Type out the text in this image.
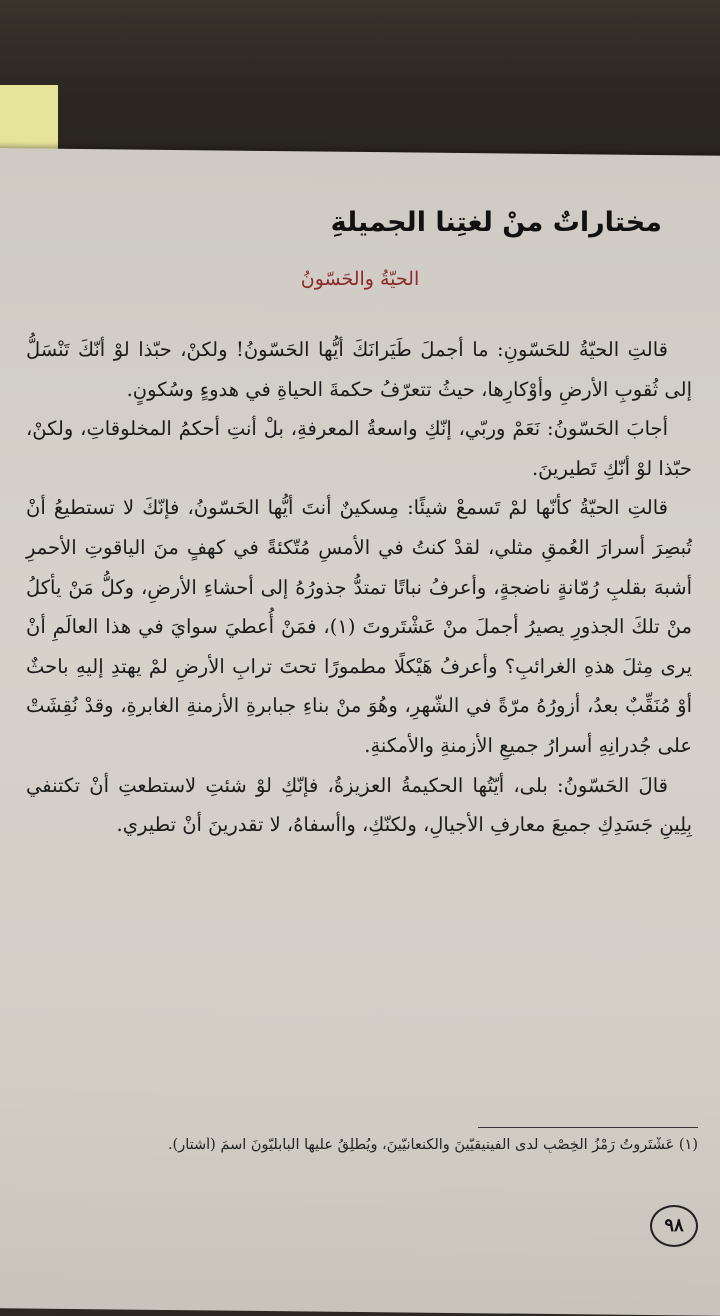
مختاراتٌ منْ لغتِنا الجميلةِ
الحيّةُ والحَسّونُ

قالتِ الحيّةُ للحَسّونِ: ما أجملَ طَيَرانَكَ أيُّها الحَسّونُ! ولكنْ، حبّذا لوْ أنّكَ تَنْسَلُّ إلى ثُقوبِ الأرضِ وأوْكارِها، حيثُ تتعرّفُ حكمةَ الحياةِ في هدوءٍ وسُكونٍ.

أجابَ الحَسّونُ: نَعَمْ وربّي، إنّكِ واسعةُ المعرفةِ، بلْ أنتِ أحكمُ المخلوقاتِ، ولكنْ، حبّذا لوْ أنّكِ تَطيرينَ.

قالتِ الحيّةُ كأنّها لمْ تَسمعْ شيئًا: مِسكينٌ أنتَ أيُّها الحَسّونُ، فإنّكَ لا تستطيعُ أنْ تُبصِرَ أسرارَ العُمقِ مثلي، لقدْ كنتُ في الأمسِ مُتّكئةً في كهفٍ منَ الياقوتِ الأحمرِ أشبهَ بقلبِ رُمّانةٍ ناضجةٍ، وأعرفُ نباتًا تمتدُّ جذورُهُ إلى أحشاءِ الأرضِ، وكلُّ مَنْ يأكلُ منْ تلكَ الجذورِ يصيرُ أجملَ منْ عَشْتَروتَ (١)، فمَنْ أُعطيَ سوايَ في هذا العالَمِ أنْ يرى مِثلَ هذهِ الغرائبِ؟ وأعرفُ هَيْكلًا مطمورًا تحتَ ترابِ الأرضِ لمْ يهتدِ إليهِ باحثٌ أوْ مُنَقِّبٌ بعدُ، أزورُهُ مرّةً في الشّهرِ، وهُوَ منْ بناءِ جبابرةِ الأزمنةِ الغابرةِ، وقدْ نُقِشَتْ على جُدرانِهِ أسرارُ جميعِ الأزمنةِ والأمكنةِ.

قالَ الحَسّونُ: بلى، أيّتُها الحكيمةُ العزيزةُ، فإنّكِ لوْ شئتِ لاستطعتِ أنْ تكتنفي بِلِينِ جَسَدِكِ جميعَ معارفِ الأجيالِ، ولكنّكِ، واأسفاهُ، لا تقدرينَ أنْ تطيري.

(١) عَشْتَروتُ رَمْزُ الخِصْبِ لدى الفينيقيّينَ والكنعانيّينَ، ويُطْلِقُ عليها البابليّونَ اسمَ (أَشتار).
٩٨
